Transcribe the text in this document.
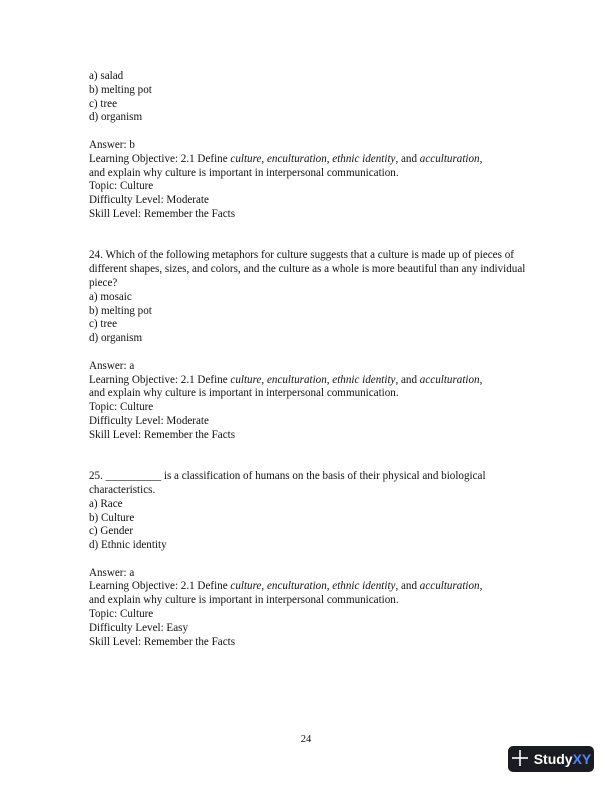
a) salad
b) melting pot
c) tree
d) organism
Answer: b
Learning Objective: 2.1 Define culture, enculturation, ethnic identity, and acculturation,
and explain why culture is important in interpersonal communication.
Topic: Culture
Difficulty Level: Moderate
Skill Level: Remember the Facts
24. Which of the following metaphors for culture suggests that a culture is made up of pieces of different shapes, sizes, and colors, and the culture as a whole is more beautiful than any individual piece?
a) mosaic
b) melting pot
c) tree
d) organism
Answer: a
Learning Objective: 2.1 Define culture, enculturation, ethnic identity, and acculturation,
and explain why culture is important in interpersonal communication.
Topic: Culture
Difficulty Level: Moderate
Skill Level: Remember the Facts
25. __________ is a classification of humans on the basis of their physical and biological characteristics.
a) Race
b) Culture
c) Gender
d) Ethnic identity
Answer: a
Learning Objective: 2.1 Define culture, enculturation, ethnic identity, and acculturation,
and explain why culture is important in interpersonal communication.
Topic: Culture
Difficulty Level: Easy
Skill Level: Remember the Facts
24
StudyXY
